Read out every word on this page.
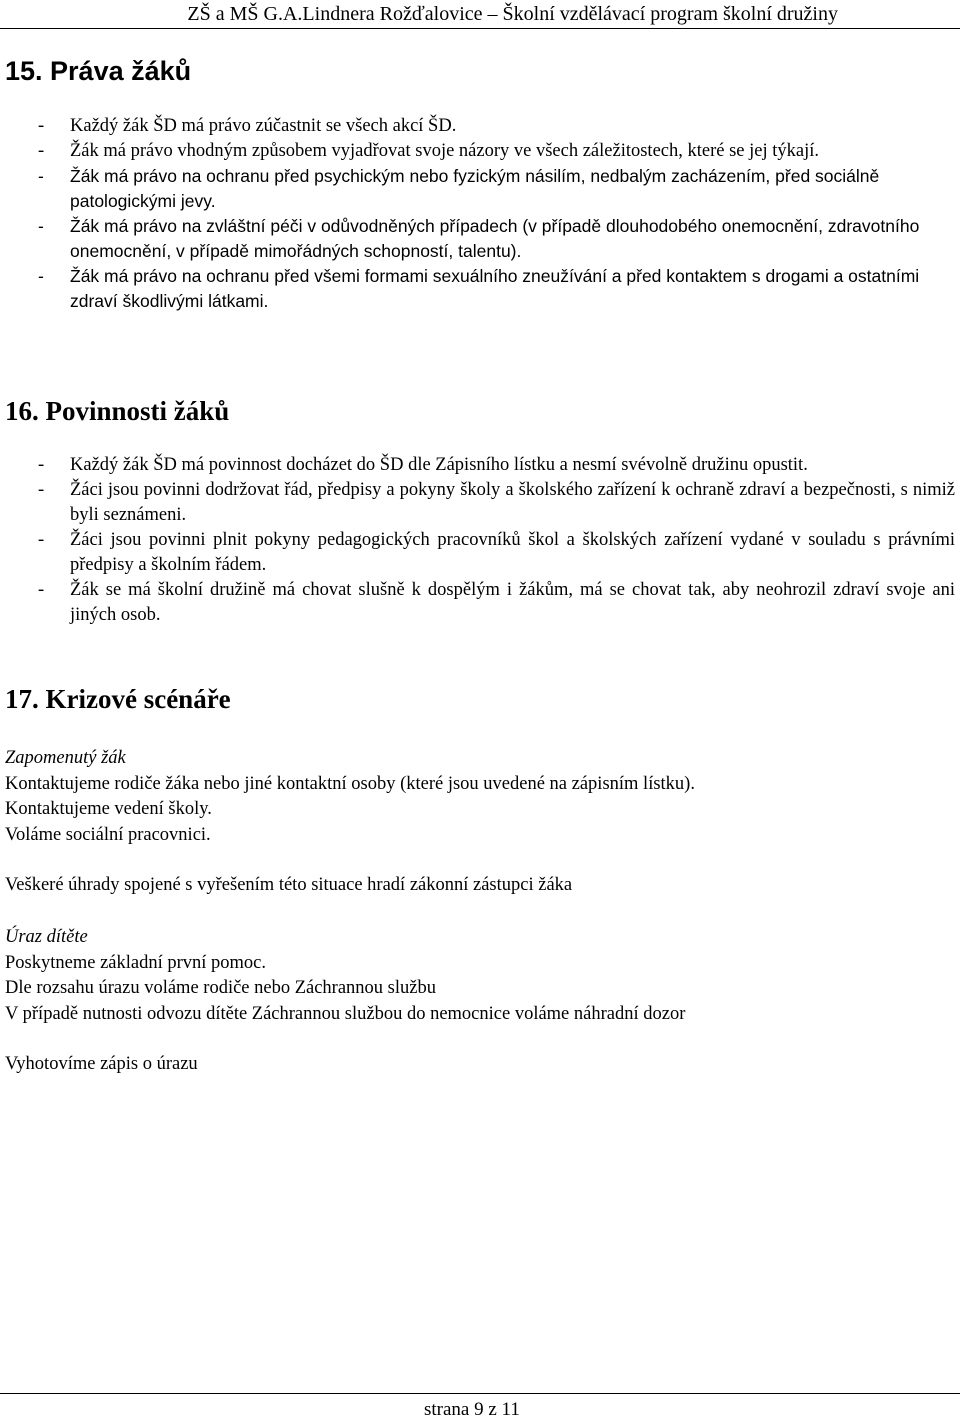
ZŠ a MŠ G.A.Lindnera Rožďalovice – Školní vzdělávací program školní družiny
15. Práva žáků
- Každý žák ŠD má právo zúčastnit se všech akcí ŠD.
- Žák má právo vhodným způsobem vyjadřovat svoje názory ve všech záležitostech, které se jej týkají.
- Žák má právo na ochranu před psychickým nebo fyzickým násilím, nedbalým zacházením, před sociálně patologickými jevy.
- Žák má právo na zvláštní péči v odůvodněných případech (v případě dlouhodobého onemocnění, zdravotního onemocnění, v případě mimořádných schopností, talentu).
- Žák má právo na ochranu před všemi formami sexuálního zneužívání a před kontaktem s drogami a ostatními zdraví škodlivými látkami.
16. Povinnosti žáků
- Každý žák ŠD má povinnost docházet do ŠD dle Zápisního lístku a nesmí svévolně družinu opustit.
- Žáci jsou povinni dodržovat řád, předpisy a pokyny školy a školského zařízení k ochraně zdraví a bezpečnosti, s nimiž byli seznámeni.
- Žáci jsou povinni plnit pokyny pedagogických pracovníků škol a školských zařízení vydané v souladu s právními předpisy a školním řádem.
- Žák se má školní družině má chovat slušně k dospělým i žákům, má se chovat tak, aby neohrozil zdraví svoje ani jiných osob.
17. Krizové scénáře

Zapomenutý žák

Kontaktujeme rodiče žáka nebo jiné kontaktní osoby (které jsou uvedené na zápisním lístku).

Kontaktujeme vedení školy.

Voláme sociální pracovnici.

Veškeré úhrady spojené s vyřešením této situace hradí zákonní zástupci žáka

Úraz dítěte

Poskytneme základní první pomoc.

Dle rozsahu úrazu voláme rodiče nebo Záchrannou službu

V případě nutnosti odvozu dítěte Záchrannou službou do nemocnice voláme náhradní dozor

Vyhotovíme zápis o úrazu

strana 9 z 11
